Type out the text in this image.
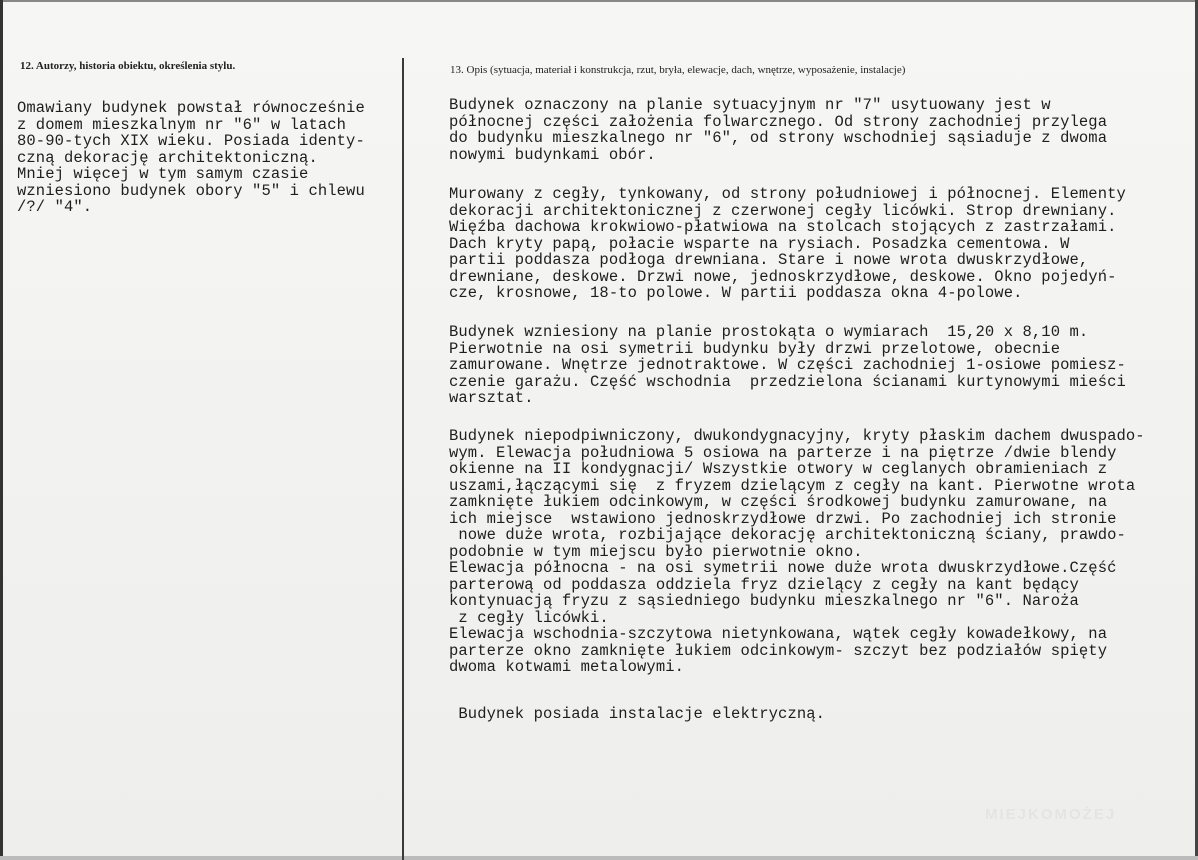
12. Autorzy, historia obiektu, określenia stylu.
Omawiany budynek powstał równocześnie
z domem mieszkalnym nr "6" w latach
80-90-tych XIX wieku. Posiada identy-
czną dekorację architektoniczną.
Mniej więcej w tym samym czasie
wzniesiono budynek obory "5" i chlewu
/?/ "4".
13. Opis (sytuacja, materiał i konstrukcja, rzut, bryła, elewacje, dach, wnętrze, wyposażenie, instalacje)
Budynek oznaczony na planie sytuacyjnym nr "7" usytuowany jest w
północnej części założenia folwarcznego. Od strony zachodniej przylega
do budynku mieszkalnego nr "6", od strony wschodniej sąsiaduje z dwoma
nowymi budynkami obór.
Murowany z cegły, tynkowany, od strony południowej i północnej. Elementy
dekoracji architektonicznej z czerwonej cegły licówki. Strop drewniany.
Więźba dachowa krokwiowo-płatwiowa na stolcach stojących z zastrzałami.
Dach kryty papą, połacie wsparte na rysiach. Posadzka cementowa. W
partii poddasza podłoga drewniana. Stare i nowe wrota dwuskrzydłowe,
drewniane, deskowe. Drzwi nowe, jednoskrzydłowe, deskowe. Okno pojedyń-
cze, krosnowe, 18-to polowe. W partii poddasza okna 4-polowe.
Budynek wzniesiony na planie prostokąta o wymiarach  15,20 x 8,10 m.
Pierwotnie na osi symetrii budynku były drzwi przelotowe, obecnie
zamurowane. Wnętrze jednotraktowe. W części zachodniej 1-osiowe pomiesz-
czenie garażu. Część wschodnia  przedzielona ścianami kurtynowymi mieści
warsztat.
Budynek niepodpiwniczony, dwukondygnacyjny, kryty płaskim dachem dwuspado-
wym. Elewacja południowa 5 osiowa na parterze i na piętrze /dwie blendy
okienne na II kondygnacji/ Wszystkie otwory w ceglanych obramieniach z
uszami,łączącymi się  z fryzem dzielącym z cegły na kant. Pierwotne wrota
zamknięte łukiem odcinkowym, w części środkowej budynku zamurowane, na
ich miejsce  wstawiono jednoskrzydłowe drzwi. Po zachodniej ich stronie
nowe duże wrota, rozbijające dekorację architektoniczną ściany, prawdo-
podobnie w tym miejscu było pierwotnie okno.
Elewacja północna - na osi symetrii nowe duże wrota dwuskrzydłowe.Część
parterową od poddasza oddziela fryz dzielący z cegły na kant będący
kontynuacją fryzu z sąsiedniego budynku mieszkalnego nr "6". Naroża
z cegły licówki.
Elewacja wschodnia-szczytowa nietynkowana, wątek cegły kowadełkowy, na
parterze okno zamknięte łukiem odcinkowym- szczyt bez podziałów spięty
dwoma kotwami metalowymi.
Budynek posiada instalacje elektryczną.
MIEJKOMOŻEJ
